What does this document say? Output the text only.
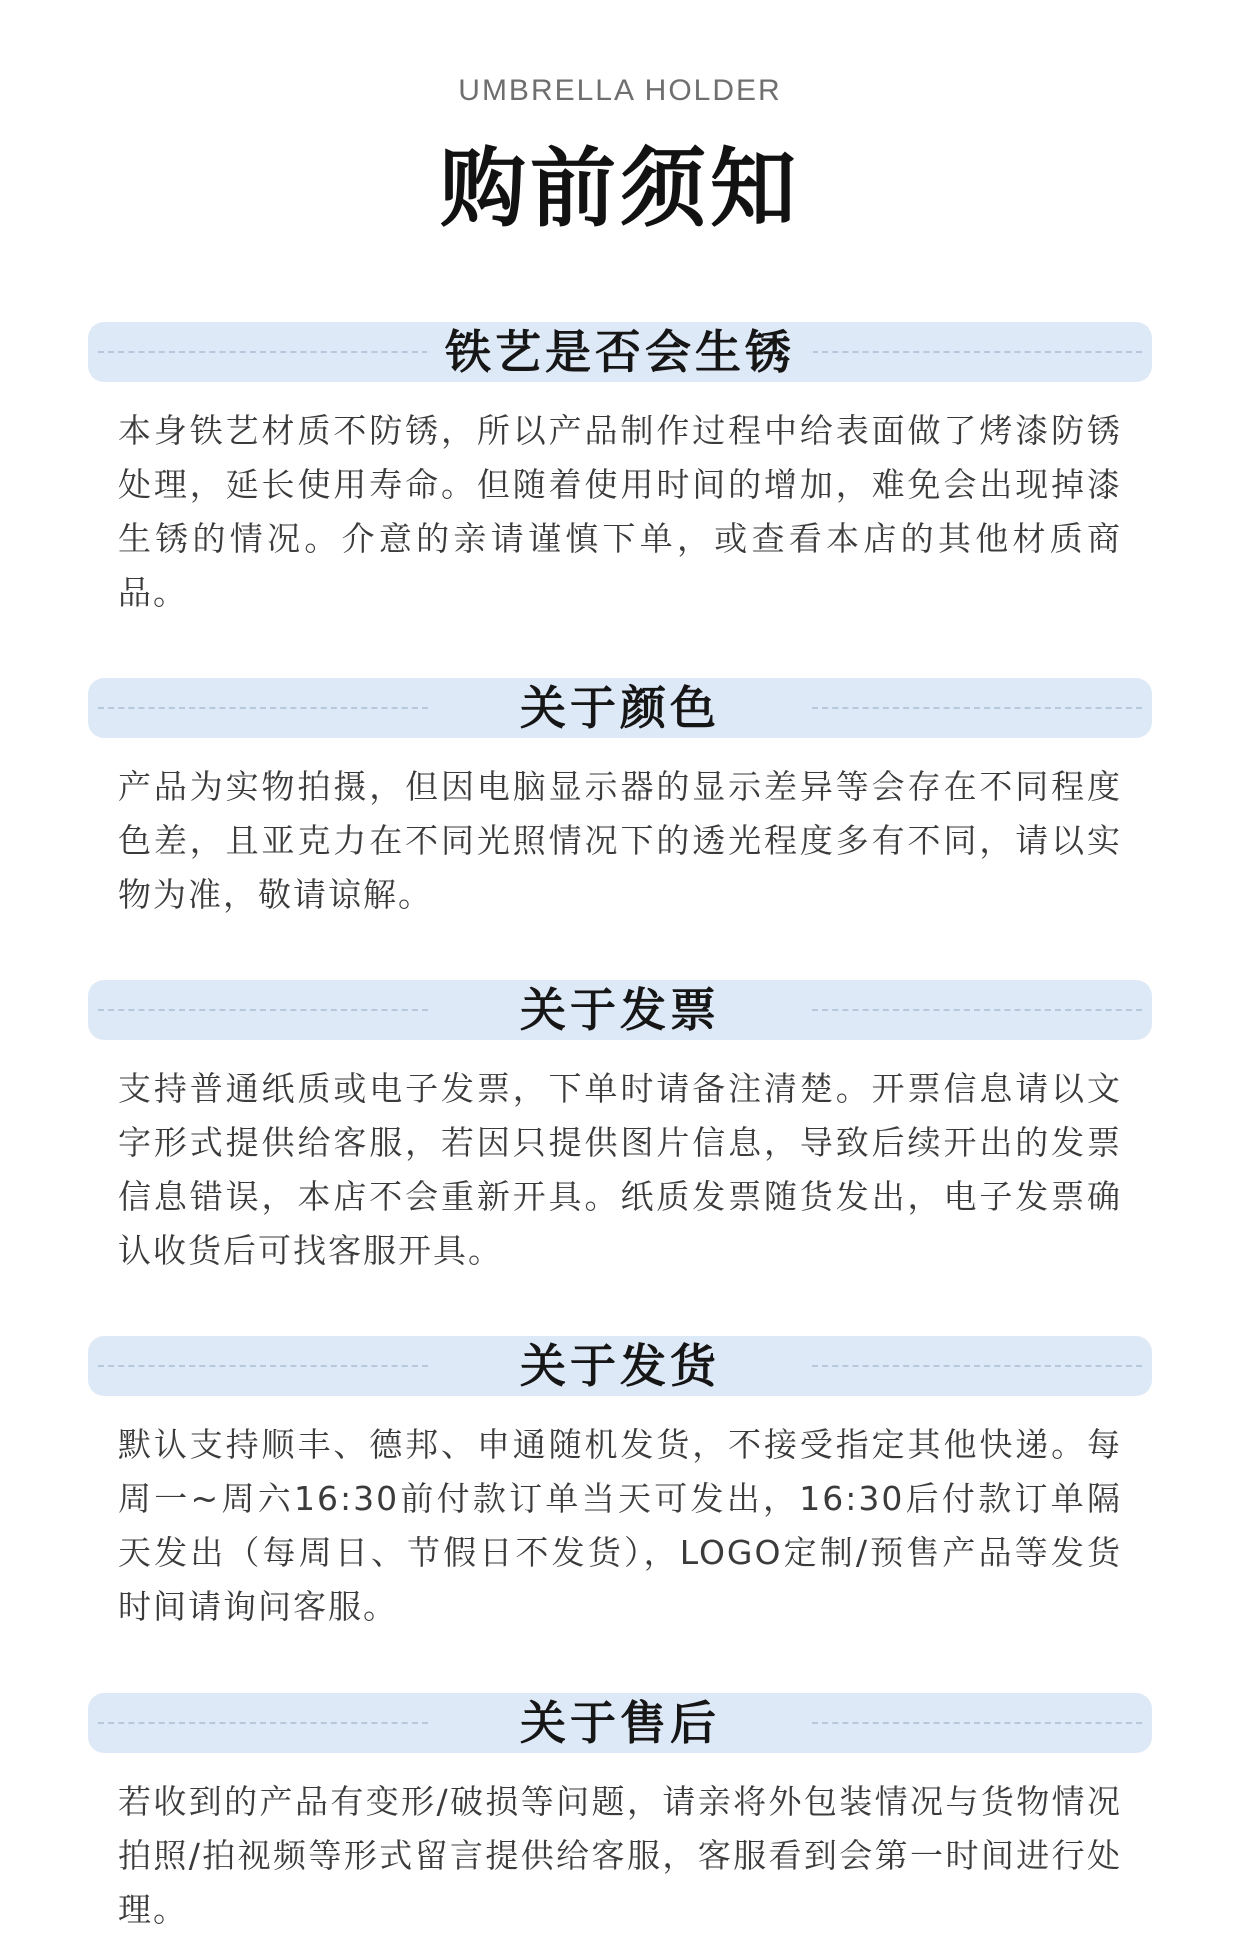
UMBRELLA HOLDER
购前须知
铁艺是否会生锈
本身铁艺材质不防锈，所以产品制作过程中给表面做了烤漆防锈处理，延长使用寿命。但随着使用时间的增加，难免会出现掉漆生锈的情况。介意的亲请谨慎下单，或查看本店的其他材质商品。
关于颜色
产品为实物拍摄，但因电脑显示器的显示差异等会存在不同程度色差，且亚克力在不同光照情况下的透光程度多有不同，请以实物为准，敬请谅解。
关于发票
支持普通纸质或电子发票，下单时请备注清楚。开票信息请以文字形式提供给客服，若因只提供图片信息，导致后续开出的发票信息错误，本店不会重新开具。纸质发票随货发出，电子发票确认收货后可找客服开具。
关于发货
默认支持顺丰、德邦、申通随机发货，不接受指定其他快递。每周一~周六16:30前付款订单当天可发出，16:30后付款订单隔天发出（每周日、节假日不发货），LOGO定制/预售产品等发货时间请询问客服。
关于售后
若收到的产品有变形/破损等问题，请亲将外包装情况与货物情况拍照/拍视频等形式留言提供给客服，客服看到会第一时间进行处理。
